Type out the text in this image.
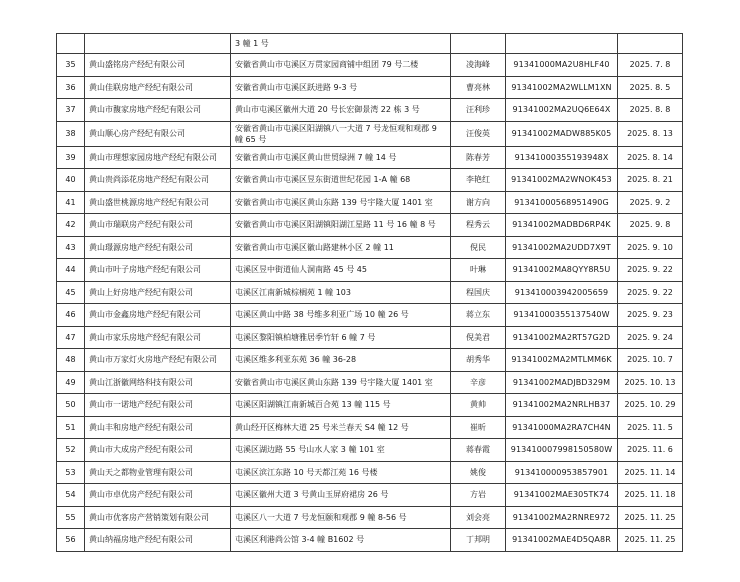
		3 幢 1 号			
35	黄山盛铭房产经纪有限公司	安徽省黄山市屯溪区万贯家园商铺中组团 79 号二楼	凌海峰	91341000MA2U8HLF40	2025. 7. 8
36	黄山佳联房地产经纪有限公司	安徽省黄山市屯溪区跃进路 9-3 号	曹亮林	91341002MA2WLLM1XN	2025. 8. 5
37	黄山市馥家房地产经纪有限公司	黄山市屯溪区徽州大道 20 号长宏御景湾 22 栋 3 号	汪利珍	91341002MA2UQ6E64X	2025. 8. 8
38	黄山顺心房产经纪有限公司	安徽省黄山市屯溪区阳湖镇八一大道 7 号龙恒观和观郡 9 幢 65 号	汪俊英	91341002MADW885K05	2025. 8. 13
39	黄山市理想家园房地产经纪有限公司	安徽省黄山市屯溪区黄山世贸绿洲 7 幢 14 号	陈春芳	91341000355193948X	2025. 8. 14
40	黄山贵尚添花房地产经纪有限公司	安徽省黄山市屯溪区昱东街道世纪花园 1-A 幢 68	李艳红	91341002MA2WNOK453	2025. 8. 21
41	黄山盛世桃源房地产经纪有限公司	安徽省黄山市屯溪区黄山东路 139 号宇隆大厦 1401 室	谢方向	91341000568951490G	2025. 9. 2
42	黄山市瑞联房产经纪有限公司	安徽省黄山市屯溪区阳湖镇阳湖江星路 11 号 16 幢 8 号	程秀云	91341002MADBD6RP4K	2025. 9. 8
43	黄山璟源房地产经纪有限公司	安徽省黄山市屯溪区徽山路建林小区 2 幢 11	倪民	91341002MA2UDD7X9T	2025. 9. 10
44	黄山市叶子房地产经纪有限公司	屯溪区昱中街道仙人洞南路 45 号 45	叶琳	91341002MA8QYY8R5U	2025. 9. 22
45	黄山上好房地产经纪有限公司	屯溪区江南新城棕榈苑 1 幢 103	程国庆	913410003942005659	2025. 9. 22
46	黄山市金鑫房地产经纪有限公司	屯溪区黄山中路 38 号维多利亚广场 10 幢 26 号	蒋立东	91341000355137540W	2025. 9. 23
47	黄山市家乐房地产经纪有限公司	屯溪区黎阳镇柏塘雅居季竹轩 6 幢 7 号	倪美君	91341002MA2RT57G2D	2025. 9. 24
48	黄山市万家灯火房地产经纪有限公司	屯溪区维多利亚东苑 36 幢 36-28	胡秀华	91341002MA2MTLMM6K	2025. 10. 7
49	黄山江浙徽网络科技有限公司	安徽省黄山市屯溪区黄山东路 139 号宇隆大厦 1401 室	辛彦	91341002MADJBD329M	2025. 10. 13
50	黄山市一诺地产经纪有限公司	屯溪区阳湖镇江南新城百合苑 13 幢 115 号	黄帅	91341002MA2NRLHB37	2025. 10. 29
51	黄山丰和房地产经纪有限公司	黄山经开区梅林大道 25 号米兰春天 S4 幢 12 号	崔昕	91341000MA2RA7CH4N	2025. 11. 5
52	黄山市大成房产经纪有限公司	屯溪区湖边路 55 号山水人家 3 幢 101 室	蒋春霞	913410007998150580W	2025. 11. 6
53	黄山天之都物业管理有限公司	屯溪区滨江东路 10 号天都江苑 16 号楼	姚俊	913410000953857901	2025. 11. 14
54	黄山市卓优房产经纪有限公司	屯溪区徽州大道 3 号黄山玉屏府裙房 26 号	方岩	91341002MAE305TK74	2025. 11. 18
55	黄山市优客房产营销策划有限公司	屯溪区八一大道 7 号龙恒颐和观郡 9 幢 8-56 号	刘会亮	91341002MA2RNRE972	2025. 11. 25
56	黄山纳福房地产经纪有限公司	屯溪区利港尚公馆 3-4 幢 B1602 号	丁邦明	91341002MAE4D5QA8R	2025. 11. 25
